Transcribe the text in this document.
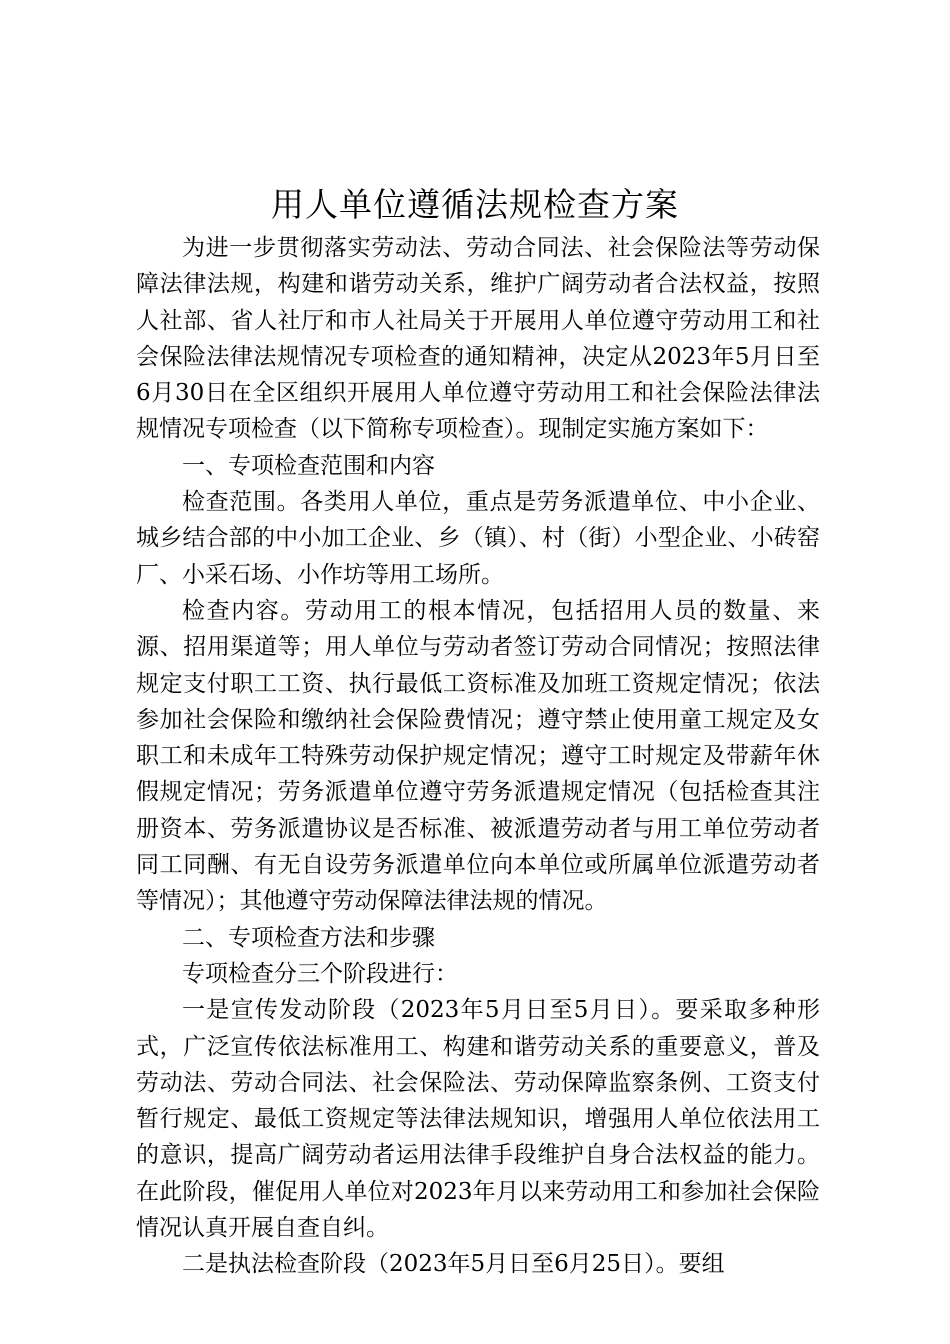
用人单位遵循法规检查方案

为进一步贯彻落实劳动法、劳动合同法、社会保险法等劳动保障法律法规，构建和谐劳动关系，维护广阔劳动者合法权益，按照人社部、省人社厅和市人社局关于开展用人单位遵守劳动用工和社会保险法律法规情况专项检查的通知精神，决定从2023年5月日至6月30日在全区组织开展用人单位遵守劳动用工和社会保险法律法规情况专项检查（以下简称专项检查）。现制定实施方案如下：

一、专项检查范围和内容

检查范围。各类用人单位，重点是劳务派遣单位、中小企业、城乡结合部的中小加工企业、乡（镇）、村（街）小型企业、小砖窑厂、小采石场、小作坊等用工场所。

检查内容。劳动用工的根本情况，包括招用人员的数量、来源、招用渠道等；用人单位与劳动者签订劳动合同情况；按照法律规定支付职工工资、执行最低工资标准及加班工资规定情况；依法参加社会保险和缴纳社会保险费情况；遵守禁止使用童工规定及女职工和未成年工特殊劳动保护规定情况；遵守工时规定及带薪年休假规定情况；劳务派遣单位遵守劳务派遣规定情况（包括检查其注册资本、劳务派遣协议是否标准、被派遣劳动者与用工单位劳动者同工同酬、有无自设劳务派遣单位向本单位或所属单位派遣劳动者等情况）；其他遵守劳动保障法律法规的情况。

二、专项检查方法和步骤

专项检查分三个阶段进行：

一是宣传发动阶段（2023年5月日至5月日）。要采取多种形式，广泛宣传依法标准用工、构建和谐劳动关系的重要意义，普及劳动法、劳动合同法、社会保险法、劳动保障监察条例、工资支付暂行规定、最低工资规定等法律法规知识，增强用人单位依法用工的意识，提高广阔劳动者运用法律手段维护自身合法权益的能力。在此阶段，催促用人单位对2023年月以来劳动用工和参加社会保险情况认真开展自查自纠。

二是执法检查阶段（2023年5月日至6月25日）。要组
